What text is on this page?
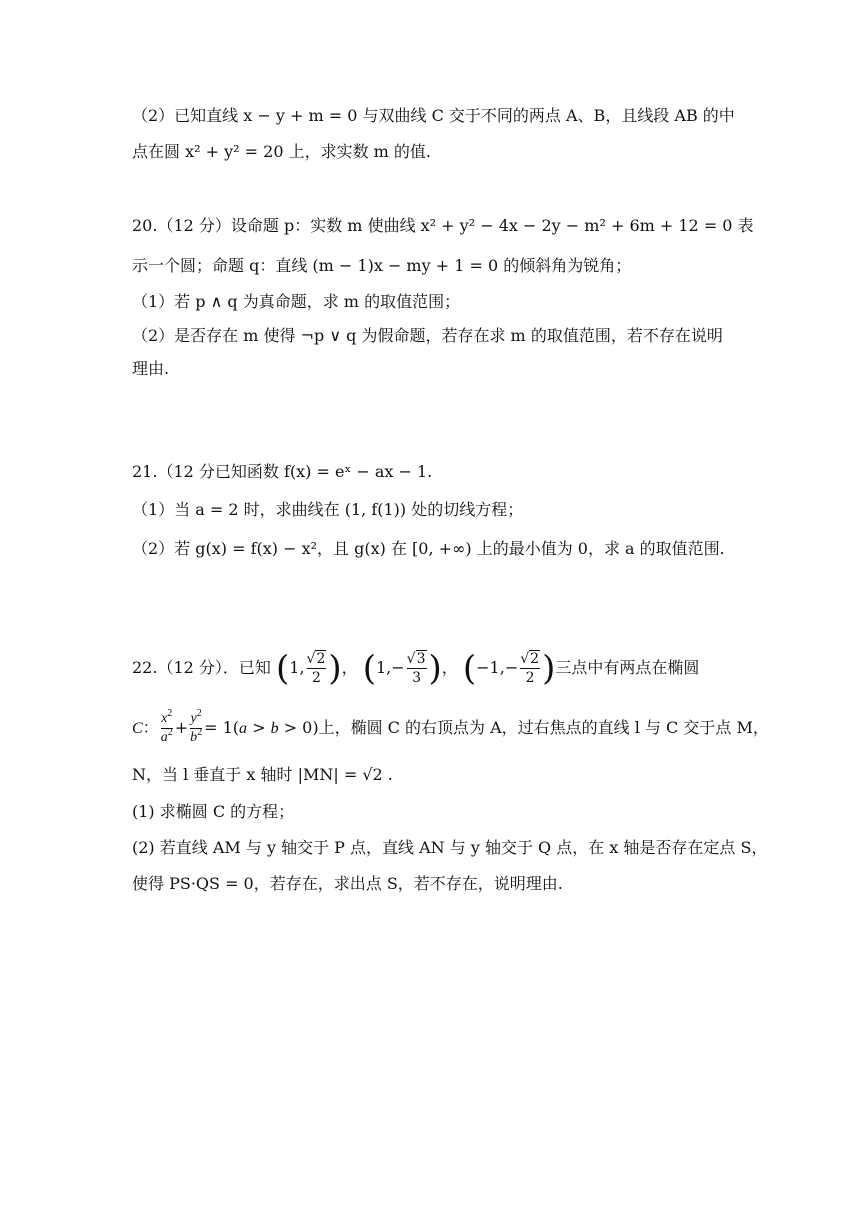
（2）已知直线 x − y + m = 0 与双曲线 C 交于不同的两点 A、B，且线段 AB 的中
点在圆 x² + y² = 20 上，求实数 m 的值.
20.（12 分）设命题 p：实数 m 使曲线 x² + y² − 4x − 2y − m² + 6m + 12 = 0 表
示一个圆；命题 q：直线 (m − 1)x − my + 1 = 0 的倾斜角为锐角；
（1）若 p ∧ q 为真命题，求 m 的取值范围；
（2）是否存在 m 使得 ¬p ∨ q 为假命题，若存在求 m 的取值范围，若不存在说明
理由.
21.（12 分已知函数 f(x) = eˣ − ax − 1.
（1）当 a = 2 时，求曲线在 (1, f(1)) 处的切线方程；
（2）若 g(x) = f(x) − x²，且 g(x) 在 [0, +∞) 上的最小值为 0，求 a 的取值范围.
22.（12 分）．已知 (1, $\frac{√2}{2}$ )， ($1,- \frac{√3}{3}$ )， ($-1,- \frac{√2}{2}$ )三点中有两点在椭圆
C： $\frac{x^2}{a^2} + \frac{y^2}{b^2} = 1(a > b > 0)$上，椭圆 C 的右顶点为 A，过右焦点的直线 l 与 C 交于点 M，
N，当 l 垂直于 x 轴时 |MN| = √2 .
(1) 求椭圆 C 的方程；
(2) 若直线 AM 与 y 轴交于 P 点，直线 AN 与 y 轴交于 Q 点，在 x 轴是否存在定点 S，
使得 PS·QS = 0，若存在，求出点 S，若不存在，说明理由.
